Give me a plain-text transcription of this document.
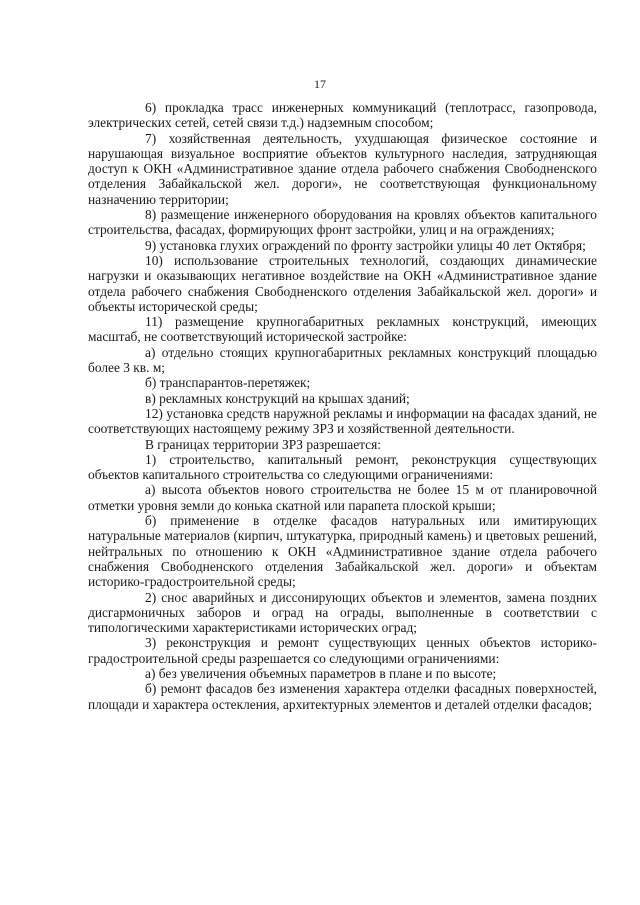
17

6) прокладка трасс инженерных коммуникаций (теплотрасс, газопровода, электрических сетей, сетей связи т.д.) надземным способом;

7) хозяйственная деятельность, ухудшающая физическое состояние и нарушающая визуальное восприятие объектов культурного наследия, затрудняющая доступ к ОКН «Административное здание отдела рабочего снабжения Свободненского отделения Забайкальской жел. дороги», не соответствующая функциональному назначению территории;

8) размещение инженерного оборудования на кровлях объектов капитального строительства, фасадах, формирующих фронт застройки, улиц и на ограждениях;

9) установка глухих ограждений по фронту застройки улицы 40 лет Октября;

10) использование строительных технологий, создающих динамические нагрузки и оказывающих негативное воздействие на ОКН «Административное здание отдела рабочего снабжения Свободненского отделения Забайкальской жел. дороги» и объекты исторической среды;

11) размещение крупногабаритных рекламных конструкций, имеющих масштаб, не соответствующий исторической застройке:

а) отдельно стоящих крупногабаритных рекламных конструкций площадью более 3 кв. м;

б) транспарантов-перетяжек;

в) рекламных конструкций на крышах зданий;

12) установка средств наружной рекламы и информации на фасадах зданий, не соответствующих настоящему режиму ЗРЗ и хозяйственной деятельности.

В границах территории ЗРЗ разрешается:

1) строительство, капитальный ремонт, реконструкция существующих объектов капитального строительства со следующими ограничениями:

а) высота объектов нового строительства не более 15 м от планировочной отметки уровня земли до конька скатной или парапета плоской крыши;

б) применение в отделке фасадов натуральных или имитирующих натуральные материалов (кирпич, штукатурка, природный камень) и цветовых решений, нейтральных по отношению к ОКН «Административное здание отдела рабочего снабжения Свободненского отделения Забайкальской жел. дороги» и объектам историко-градостроительной среды;

2) снос аварийных и диссонирующих объектов и элементов, замена поздних дисгармоничных заборов и оград на ограды, выполненные в соответствии с типологическими характеристиками исторических оград;

3) реконструкция и ремонт существующих ценных объектов историко-градостроительной среды разрешается со следующими ограничениями:

а) без увеличения объемных параметров в плане и по высоте;

б) ремонт фасадов без изменения характера отделки фасадных поверхностей, площади и характера остекления, архитектурных элементов и деталей отделки фасадов;
